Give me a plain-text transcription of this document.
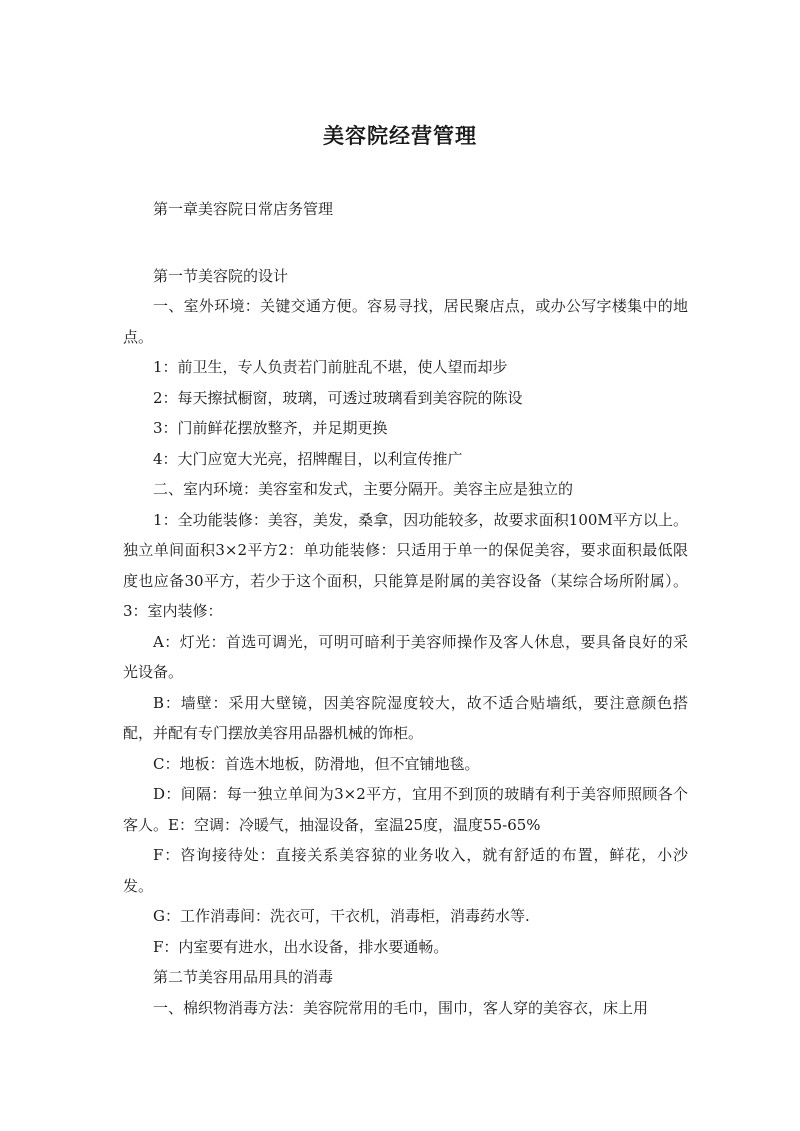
美容院经营管理

第一章美容院日常店务管理

第一节美容院的设计

一、室外环境：关键交通方便。容易寻找，居民聚店点，或办公写字楼集中的地点。

1：前卫生，专人负责若门前脏乱不堪，使人望而却步

2：每天擦拭橱窗，玻璃，可透过玻璃看到美容院的陈设

3：门前鲜花摆放整齐，并足期更换

4：大门应宽大光亮，招牌醒目，以利宣传推广

二、室内环境：美容室和发式，主要分隔开。美容主应是独立的

1：全功能装修：美容，美发，桑拿，因功能较多，故要求面积100M平方以上。独立单间面积3×2平方2：单功能装修：只适用于单一的保促美容，要求面积最低限度也应备30平方，若少于这个面积，只能算是附属的美容设备（某综合场所附属）。3：室内装修：

A：灯光：首选可调光，可明可暗利于美容师操作及客人休息，要具备良好的采光设备。

B：墙壁：采用大壁镜，因美容院湿度较大，故不适合贴墙纸，要注意颜色搭配，并配有专门摆放美容用品器机械的饰柜。

C：地板：首选木地板，防滑地，但不宜铺地毯。

D：间隔：每一独立单间为3×2平方，宜用不到顶的玻睛有利于美容师照顾各个客人。E：空调：冷暖气，抽湿设备，室温25度，温度55-65%

F：咨询接待处：直接关系美容猄的业务收入，就有舒适的布置，鲜花，小沙发。

G：工作消毒间：洗衣可，干衣机，消毒柜，消毒药水等.

F：内室要有进水，出水设备，排水要通畅。

第二节美容用品用具的消毒

一、棉织物消毒方法：美容院常用的毛巾，围巾，客人穿的美容衣，床上用
